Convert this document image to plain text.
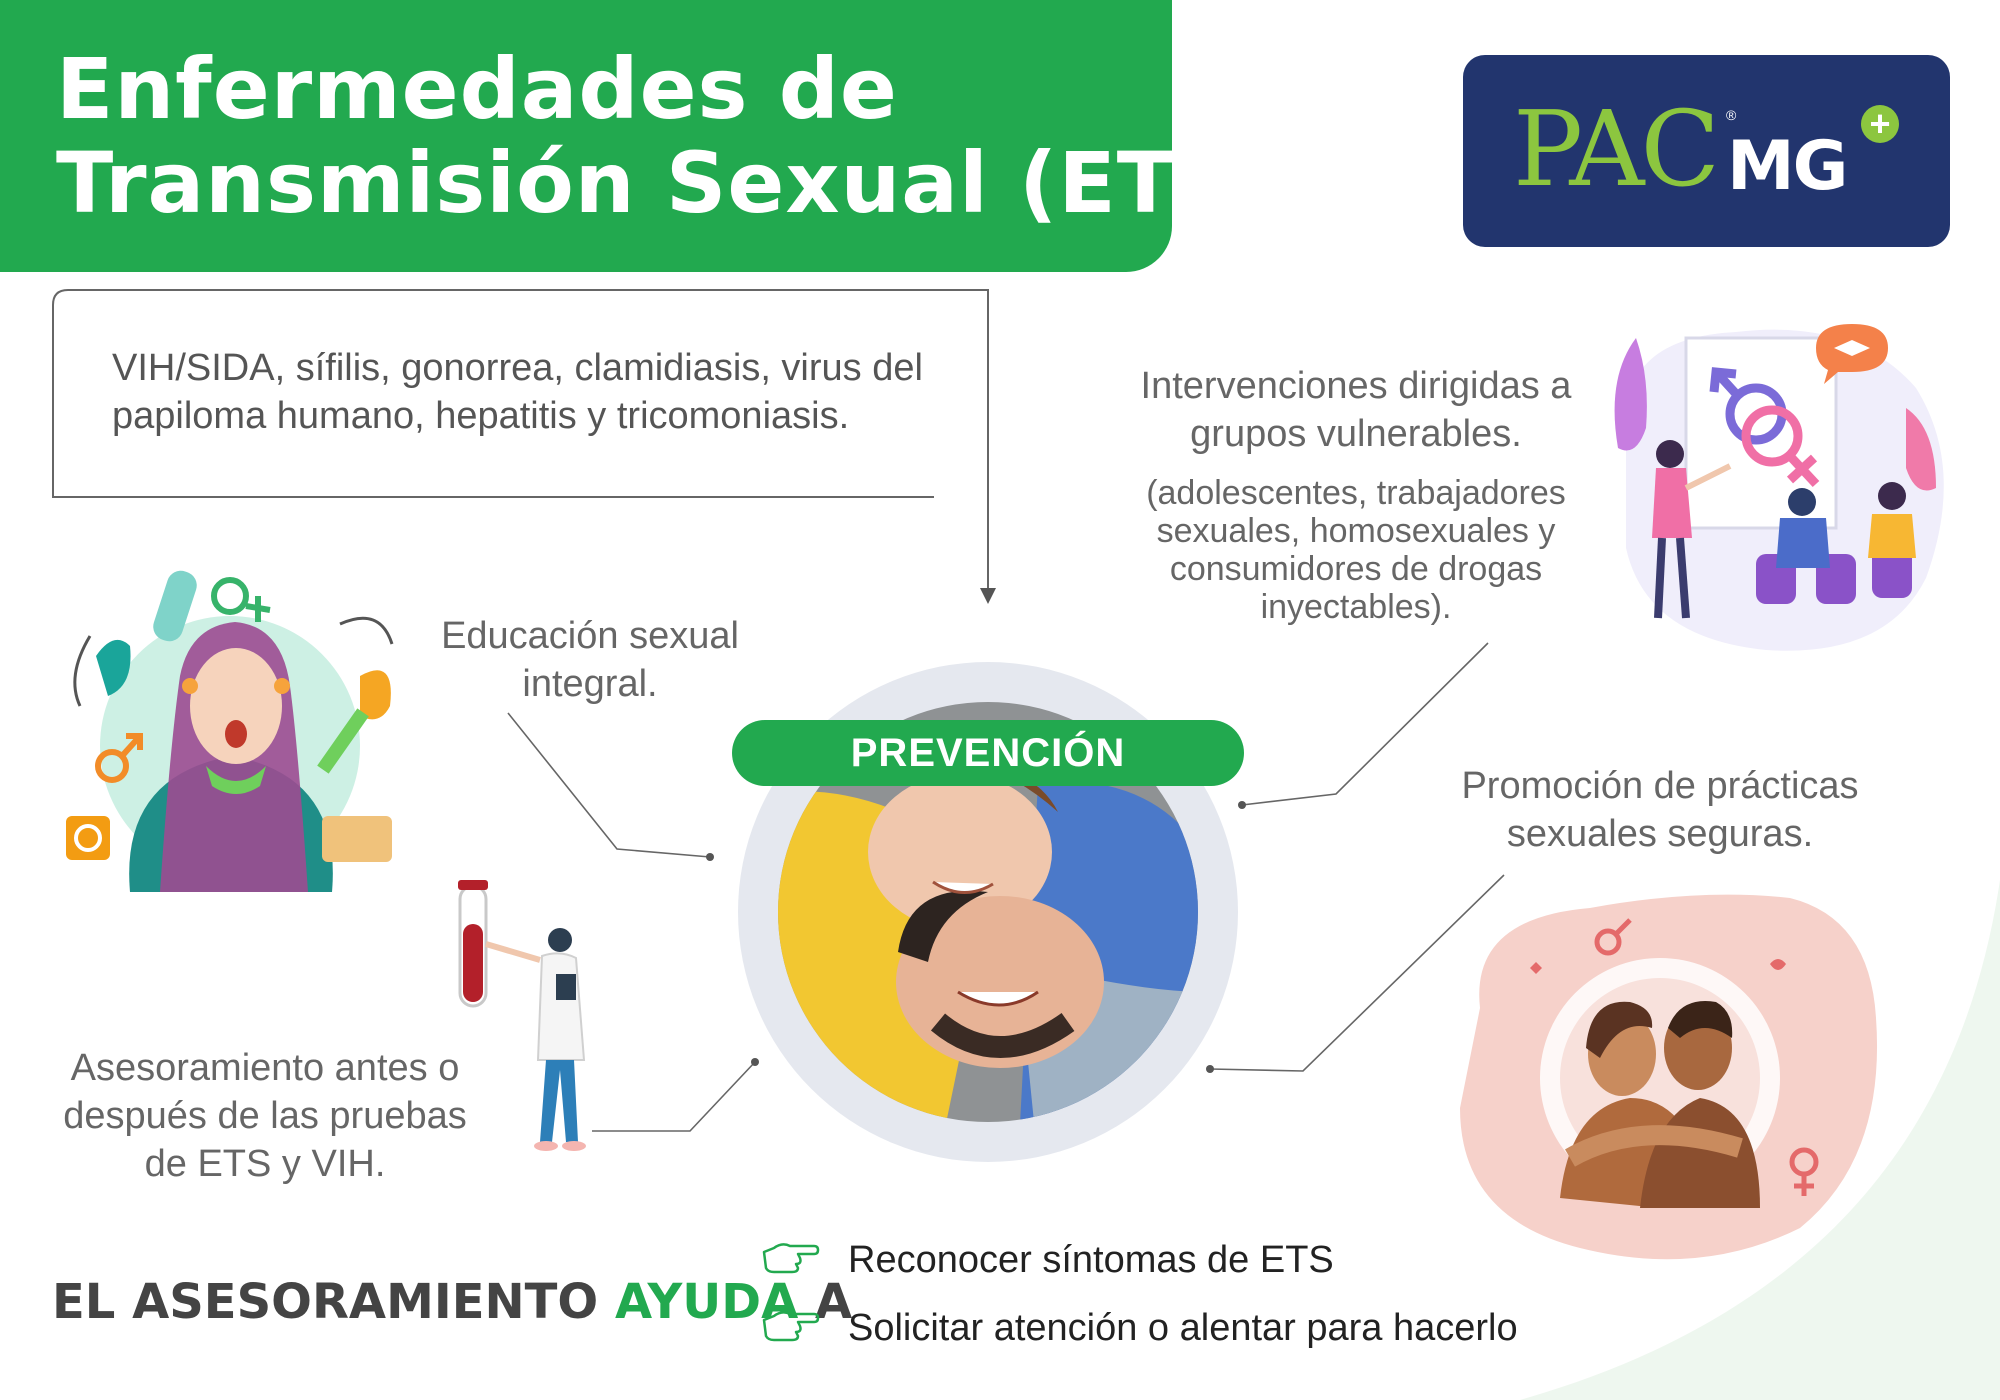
Enfermedades de
Transmisión Sexual (ETS) PAC ®
MG
+
VIH/SIDA, sífilis, gonorrea, clamidiasis, virus del papiloma humano, hepatitis y tricomoniasis.
Educación sexual integral.
PREVENCIÓN
Intervenciones dirigidas a grupos vulnerables.
(adolescentes, trabajadores sexuales, homosexuales y consumidores de drogas inyectables).
Promoción de prácticas sexuales seguras.
Asesoramiento antes o después de las pruebas de ETS y VIH.
EL ASESORAMIENTO AYUDA A
Reconocer síntomas de ETS
Solicitar atención o alentar para hacerlo
